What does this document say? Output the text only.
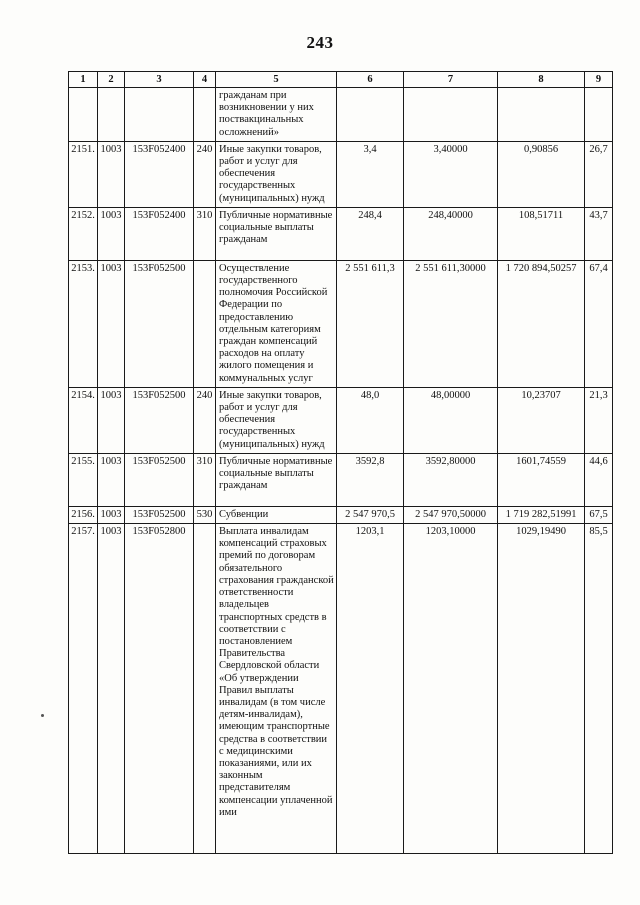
243
1	2	3	4	5	6	7	8	9
				гражданам при возникновении у них поствакцинальных осложнений»				
2151.	1003	153F052400	240	Иные закупки товаров, работ и услуг для обеспечения государственных (муниципальных) нужд	3,4	3,40000	0,90856	26,7
2152.	1003	153F052400	310	Публичные нормативные социальные выплаты гражданам	248,4	248,40000	108,51711	43,7
2153.	1003	153F052500		Осуществление государственного полномочия Российской Федерации по предоставлению отдельным категориям граждан компенсаций расходов на оплату жилого помещения и коммунальных услуг	2 551 611,3	2 551 611,30000	1 720 894,50257	67,4
2154.	1003	153F052500	240	Иные закупки товаров, работ и услуг для обеспечения государственных (муниципальных) нужд	48,0	48,00000	10,23707	21,3
2155.	1003	153F052500	310	Публичные нормативные социальные выплаты гражданам	3592,8	3592,80000	1601,74559	44,6
2156.	1003	153F052500	530	Субвенции	2 547 970,5	2 547 970,50000	1 719 282,51991	67,5
2157.	1003	153F052800		Выплата инвалидам компенсаций страховых премий по договорам обязательного страхования гражданской ответственности владельцев транспортных средств в соответствии с постановлением Правительства Свердловской области «Об утверждении Правил выплаты инвалидам (в том числе детям-инвалидам), имеющим транспортные средства в соответствии с медицинскими показаниями, или их законным представителям компенсации уплаченной ими	1203,1	1203,10000	1029,19490	85,5
